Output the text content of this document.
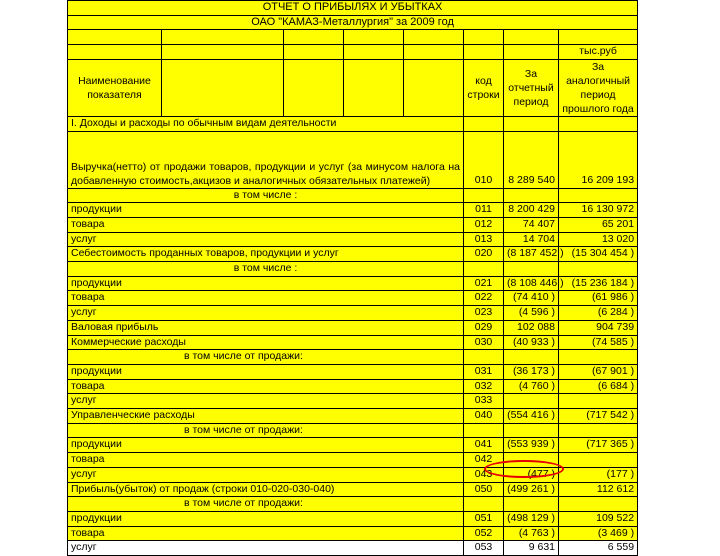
ОТЧЕТ О ПРИБЫЛЯХ И УБЫТКАХ							
ОАО "КАМАЗ-Металлургия" за 2009 год							

							тыс.руб
Наименование показателя					код строки	За отчетный период	За аналогичный период прошлого года
I. Доходы и расходы по обычным видам деятельности							
Выручка(нетто) от продажи товаров, продукции и услуг (за минусом налога на добавленную стоимость,акцизов и аналогичных обязательных платежей)					010	8 289 540	16 209 193
в том числе :							
продукции					011	8 200 429	16 130 972
товара					012	74 407	65 201
услуг					013	14 704	13 020
Себестоимость проданных товаров, продукции и услуг					020	(8 187 452 )	(15 304 454 )
в том числе :							
продукции					021	(8 108 446 )	(15 236 184 )
товара					022	(74 410 )	(61 986 )
услуг					023	(4 596 )	(6 284 )
Валовая прибыль					029	102 088	904 739
Коммерческие расходы					030	(40 933 )	(74 585 )
в том числе от продажи:							
продукции					031	(36 173 )	(67 901 )
товара					032	(4 760 )	(6 684 )
услуг					033		
Управленческие расходы					040	(554 416 )	(717 542 )
в том числе от продажи:							
продукции					041	(553 939 )	(717 365 )
товара					042		
услуг					043	(477 )	(177 )
Прибыль(убыток) от продаж (строки 010-020-030-040)					050	(499 261 )	112 612
в том числе от продажи:							
продукции					051	(498 129 )	109 522
товара					052	(4 763 )	(3 469 )
услуг					053	9 631	6 559
